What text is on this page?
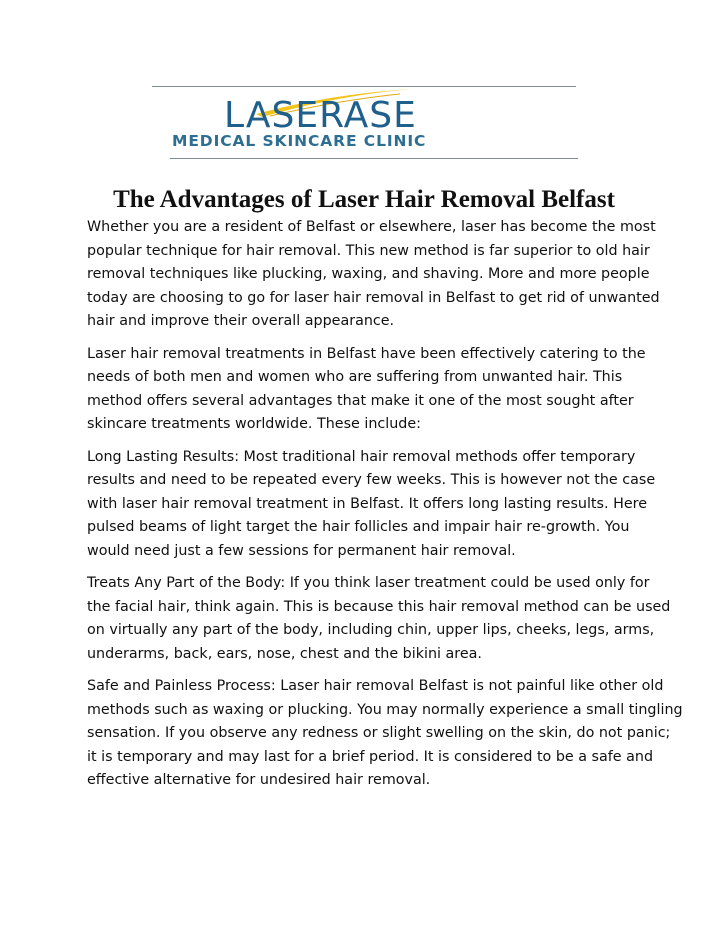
LASERASE
MEDICAL SKINCARE CLINIC
The Advantages of Laser Hair Removal Belfast

Whether you are a resident of Belfast or elsewhere, laser has become the most
popular technique for hair removal. This new method is far superior to old hair
removal techniques like plucking, waxing, and shaving. More and more people
today are choosing to go for laser hair removal in Belfast to get rid of unwanted
hair and improve their overall appearance.

Laser hair removal treatments in Belfast have been effectively catering to the
needs of both men and women who are suffering from unwanted hair. This
method offers several advantages that make it one of the most sought after
skincare treatments worldwide. These include:

Long Lasting Results: Most traditional hair removal methods offer temporary
results and need to be repeated every few weeks. This is however not the case
with laser hair removal treatment in Belfast. It offers long lasting results. Here
pulsed beams of light target the hair follicles and impair hair re-growth. You
would need just a few sessions for permanent hair removal.

Treats Any Part of the Body: If you think laser treatment could be used only for
the facial hair, think again. This is because this hair removal method can be used
on virtually any part of the body, including chin, upper lips, cheeks, legs, arms,
underarms, back, ears, nose, chest and the bikini area.

Safe and Painless Process: Laser hair removal Belfast is not painful like other old
methods such as waxing or plucking. You may normally experience a small tingling
sensation. If you observe any redness or slight swelling on the skin, do not panic;
it is temporary and may last for a brief period. It is considered to be a safe and
effective alternative for undesired hair removal.
